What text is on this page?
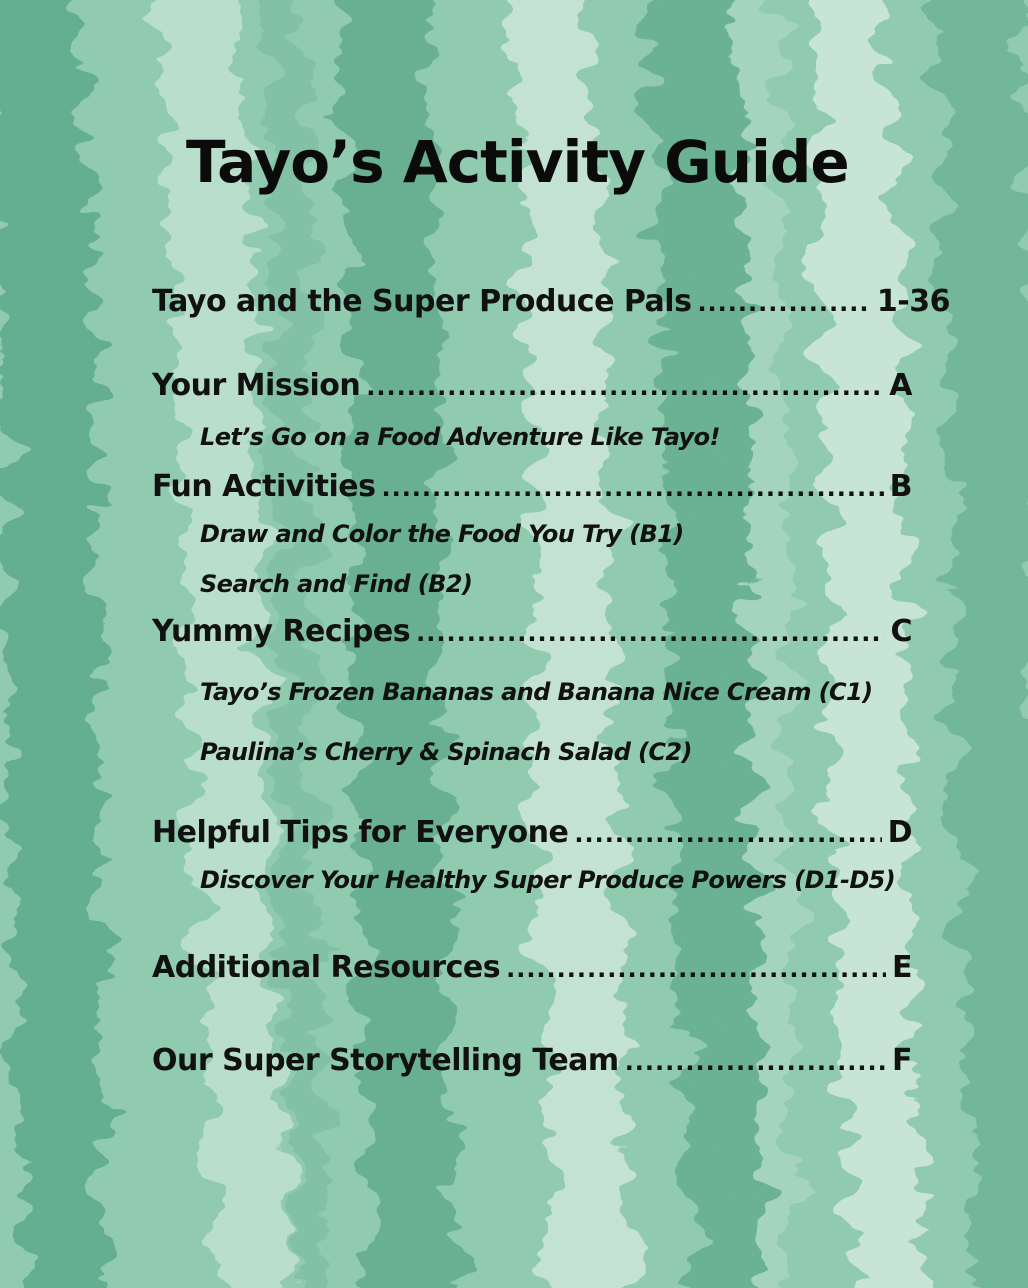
Tayo’s Activity Guide
Tayo and the Super Produce Pals .....	1-36
Your Mission .....	A
Let’s Go on a Food Adventure Like Tayo!
Fun Activities .....	B
Draw and Color the Food You Try (B1)
Search and Find (B2)
Yummy Recipes .....	C
Tayo’s Frozen Bananas and Banana Nice Cream (C1)
Paulina’s Cherry & Spinach Salad (C2)
Helpful Tips for Everyone .....	D
Discover Your Healthy Super Produce Powers (D1-D5)
Additional Resources .....	E
Our Super Storytelling Team .....	F
